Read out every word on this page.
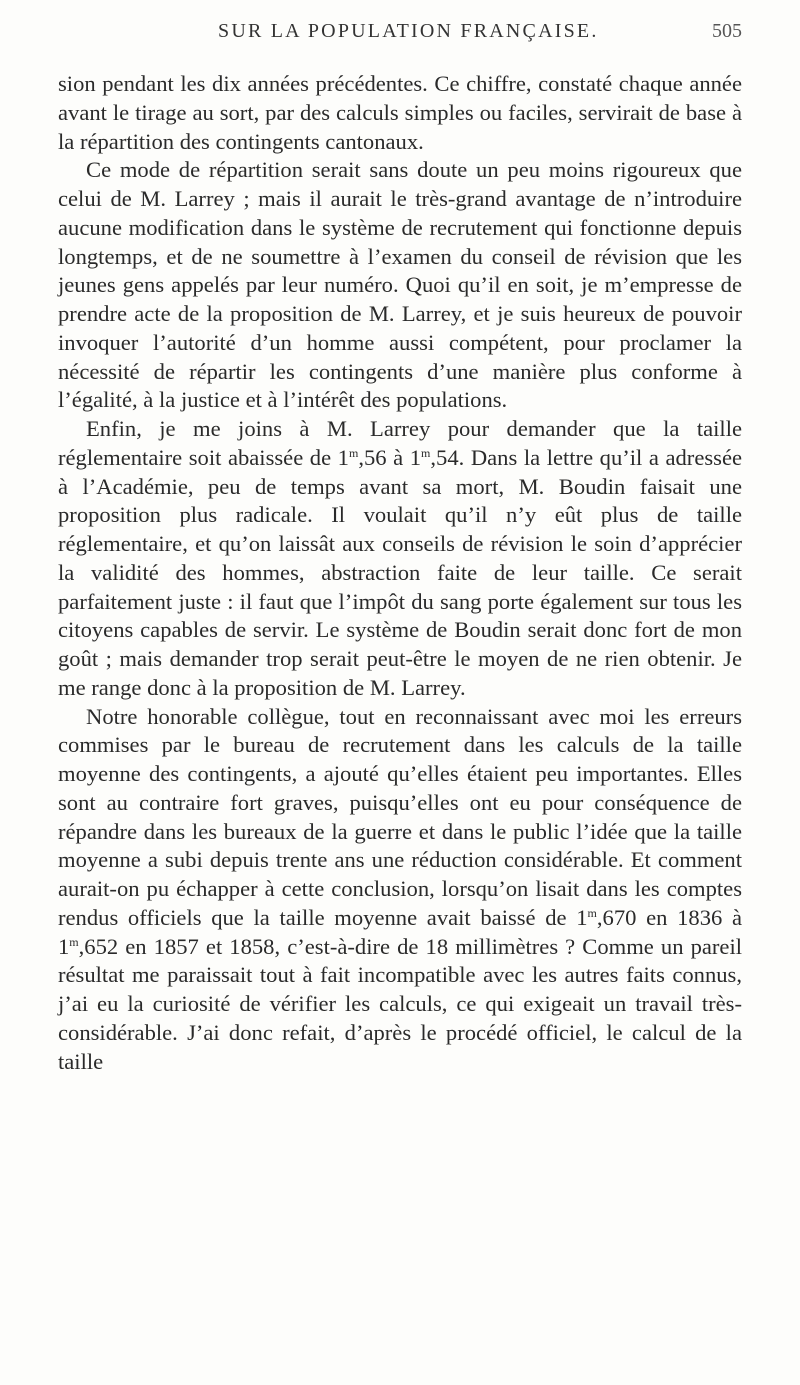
SUR LA POPULATION FRANÇAISE.	505

sion pendant les dix années précédentes. Ce chiffre, constaté chaque année avant le tirage au sort, par des calculs simples ou faciles, servirait de base à la répartition des contingents cantonaux.

Ce mode de répartition serait sans doute un peu moins rigoureux que celui de M. Larrey ; mais il aurait le très-grand avantage de n’introduire aucune modification dans le système de recrutement qui fonctionne depuis longtemps, et de ne soumettre à l’examen du conseil de révision que les jeunes gens appelés par leur numéro. Quoi qu’il en soit, je m’empresse de prendre acte de la proposition de M. Larrey, et je suis heureux de pouvoir invoquer l’autorité d’un homme aussi compétent, pour proclamer la nécessité de répartir les contingents d’une manière plus conforme à l’égalité, à la justice et à l’intérêt des populations.

Enfin, je me joins à M. Larrey pour demander que la taille réglementaire soit abaissée de 1$^m$,56 à 1$^m$,54. Dans la lettre qu’il a adressée à l’Académie, peu de temps avant sa mort, M. Boudin faisait une proposition plus radicale. Il voulait qu’il n’y eût plus de taille réglementaire, et qu’on laissât aux conseils de révision le soin d’apprécier la validité des hommes, abstraction faite de leur taille. Ce serait parfaitement juste : il faut que l’impôt du sang porte également sur tous les citoyens capables de servir. Le système de Boudin serait donc fort de mon goût ; mais demander trop serait peut-être le moyen de ne rien obtenir. Je me range donc à la proposition de M. Larrey.

Notre honorable collègue, tout en reconnaissant avec moi les erreurs commises par le bureau de recrutement dans les calculs de la taille moyenne des contingents, a ajouté qu’elles étaient peu importantes. Elles sont au contraire fort graves, puisqu’elles ont eu pour conséquence de répandre dans les bureaux de la guerre et dans le public l’idée que la taille moyenne a subi depuis trente ans une réduction considérable. Et comment aurait-on pu échapper à cette conclusion, lorsqu’on lisait dans les comptes rendus officiels que la taille moyenne avait baissé de 1$^m$,670 en 1836 à 1$^m$,652 en 1857 et 1858, c’est-à-dire de 18 millimètres ? Comme un pareil résultat me paraissait tout à fait incompatible avec les autres faits connus, j’ai eu la curiosité de vérifier les calculs, ce qui exigeait un travail très-considérable. J’ai donc refait, d’après le procédé officiel, le calcul de la taille
